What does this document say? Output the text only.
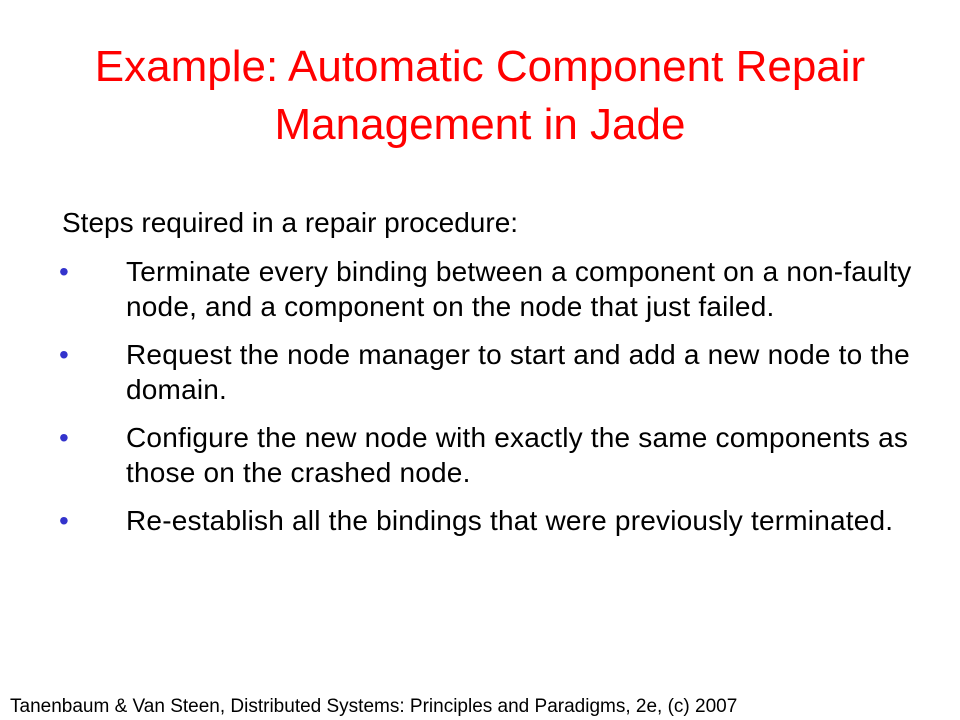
Example: Automatic Component Repair
Management in Jade
Steps required in a repair procedure:
• Terminate every binding between a component on a non-faulty node, and a component on the node that just failed.
• Request the node manager to start and add a new node to the domain.
• Configure the new node with exactly the same components as those on the crashed node.
• Re-establish all the bindings that were previously terminated.
Tanenbaum & Van Steen, Distributed Systems: Principles and Paradigms, 2e, (c) 2007
